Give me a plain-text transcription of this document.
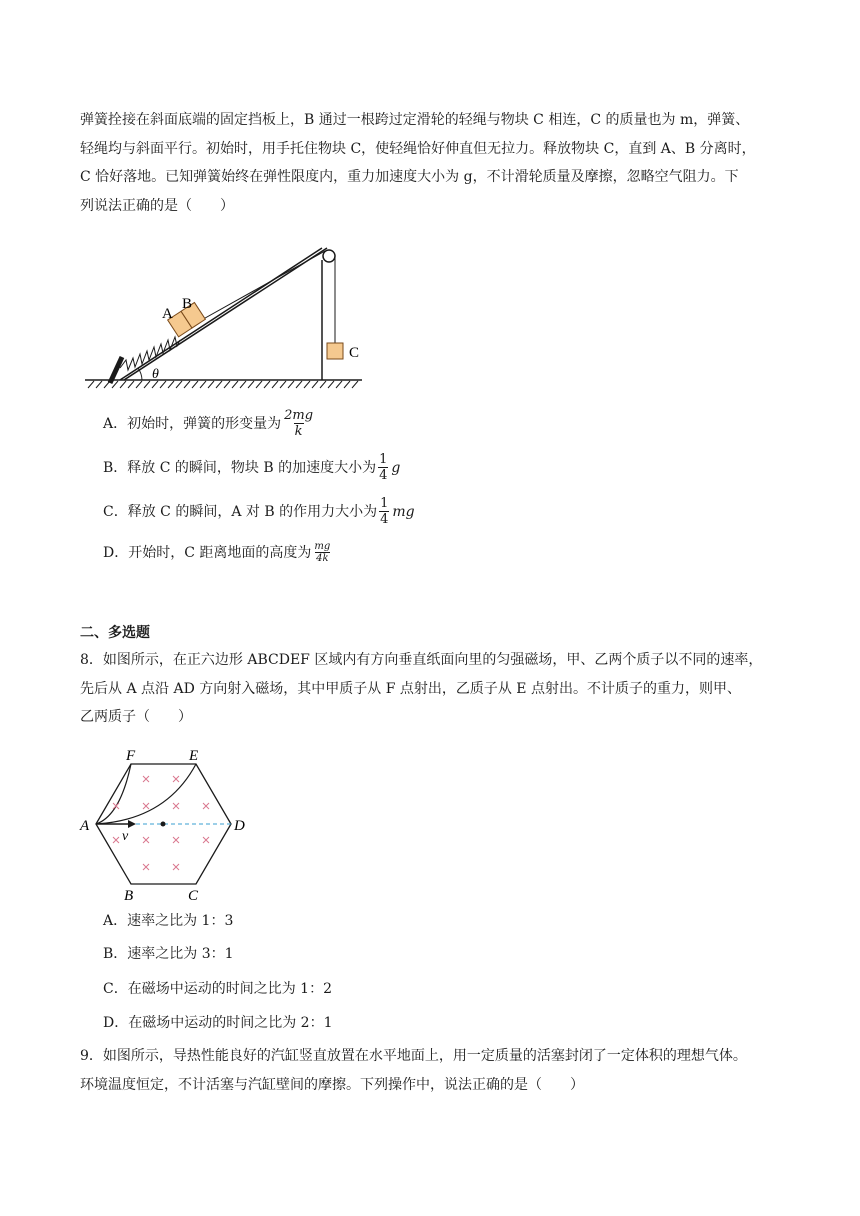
弹簧拴接在斜面底端的固定挡板上，B 通过一根跨过定滑轮的轻绳与物块 C 相连，C 的质量也为 m，弹簧、

轻绳均与斜面平行。初始时，用手托住物块 C，使轻绳恰好伸直但无拉力。释放物块 C，直到 A、B 分离时，

C 恰好落地。已知弹簧始终在弹性限度内，重力加速度大小为 g，不计滑轮质量及摩擦，忽略空气阻力。下

列说法正确的是（　　）

A
B
θ
C
A．初始时，弹簧的形变量为 $\frac{2mg}{k}$
B．释放 C 的瞬间，物块 B 的加速度大小为 $\frac{1}{4}$ g
C．释放 C 的瞬间，A 对 B 的作用力大小为 $\frac{1}{4}$ mg
D．开始时，C 距离地面的高度为 $\frac{mg}{4k}$
二、多选题

8．如图所示，在正六边形 ABCDEF 区域内有方向垂直纸面向里的匀强磁场，甲、乙两个质子以不同的速率，

先后从 A 点沿 AD 方向射入磁场，其中甲质子从 F 点射出，乙质子从 E 点射出。不计质子的重力，则甲、

乙两质子（　　）

F	E
A	D
B	C
v
A．速率之比为 1：3
B．速率之比为 3：1
C．在磁场中运动的时间之比为 1：2
D．在磁场中运动的时间之比为 2：1

9．如图所示，导热性能良好的汽缸竖直放置在水平地面上，用一定质量的活塞封闭了一定体积的理想气体。

环境温度恒定，不计活塞与汽缸壁间的摩擦。下列操作中，说法正确的是（　　）
